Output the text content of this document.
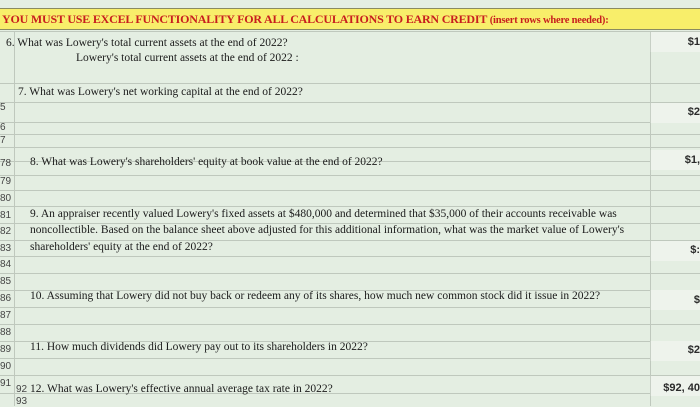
YOU MUST USE EXCEL FUNCTIONALITY FOR ALL CALCULATIONS TO EARN CREDIT (insert rows where needed):
5
6
7
78
79
80
81
82
83
84
85
86
87
88
89
90
91
92
93
6. What was Lowery's total current assets at the end of 2022?
Lowery's total current assets at the end of 2022 :
7. What was Lowery's net working capital at the end of 2022?
8. What was Lowery's shareholders' equity at book value at the end of 2022?
9. An appraiser recently valued Lowery's fixed assets at $480,000 and determined that $35,000 of their accounts receivable was
noncollectible. Based on the balance sheet above adjusted for this additional information, what was the market value of Lowery's
shareholders' equity at the end of 2022?
10. Assuming that Lowery did not buy back or redeem any of its shares, how much new common stock did it issue in 2022?
11. How much dividends did Lowery pay out to its shareholders in 2022?
12. What was Lowery's effective annual average tax rate in 2022?
$1
$2
$1,
$:
$
$2
$92, 40
